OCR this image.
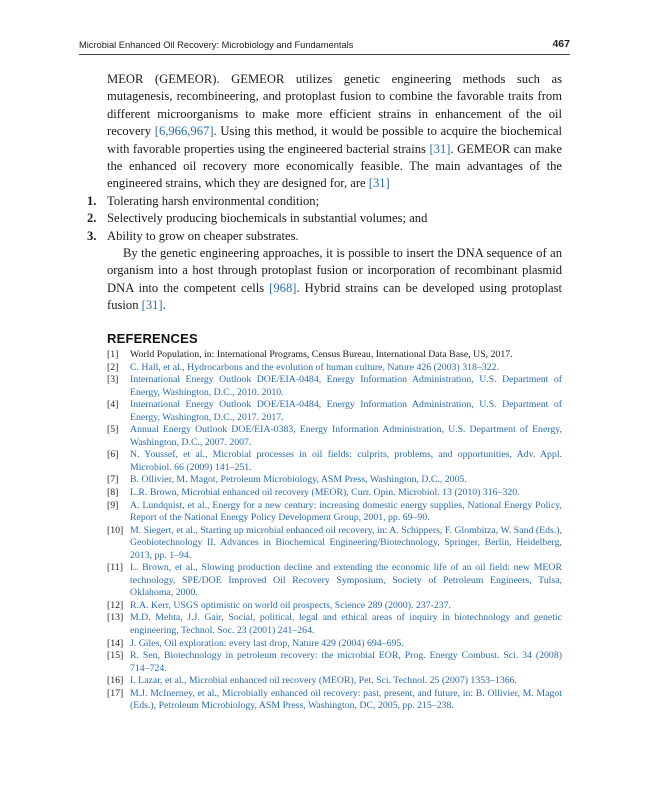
Microbial Enhanced Oil Recovery: Microbiology and Fundamentals	467

MEOR (GEMEOR). GEMEOR utilizes genetic engineering methods such as mutagenesis, recombineering, and protoplast fusion to combine the favorable traits from different microorganisms to make more efficient strains in enhancement of the oil recovery [6,966,967]. Using this method, it would be possible to acquire the biochemical with favorable properties using the engineered bacterial strains [31]. GEMEOR can make the enhanced oil recovery more economically feasible. The main advantages of the engineered strains, which they are designed for, are [31]

1. Tolerating harsh environmental condition;
2. Selectively producing biochemicals in substantial volumes; and
3. Ability to grow on cheaper substrates.

By the genetic engineering approaches, it is possible to insert the DNA sequence of an organism into a host through protoplast fusion or incorporation of recombinant plasmid DNA into the competent cells [968]. Hybrid strains can be developed using protoplast fusion [31].

REFERENCES
[1] World Population, in: International Programs, Census Bureau, International Data Base, US, 2017.
[2] C. Hall, et al., Hydrocarbons and the evolution of human culture, Nature 426 (2003) 318–322.
[3] International Energy Outlook DOE/EIA-0484, Energy Information Administration, U.S. Department of Energy, Washington, D.C., 2010. 2010.
[4] International Energy Outlook DOE/EIA-0484, Energy Information Administration, U.S. Department of Energy, Washington, D.C., 2017. 2017.
[5] Annual Energy Outlook DOE/EIA-0383, Energy Information Administration, U.S. Department of Energy, Washington, D.C., 2007. 2007.
[6] N. Youssef, et al., Microbial processes in oil fields: culprits, problems, and opportunities, Adv. Appl. Microbiol. 66 (2009) 141–251.
[7] B. Ollivier, M. Magot, Petroleum Microbiology, ASM Press, Washington, D.C., 2005.
[8] L.R. Brown, Microbial enhanced oil recovery (MEOR), Curr. Opin. Microbiol. 13 (2010) 316–320.
[9] A. Lundquist, et al., Energy for a new century: increasing domestic energy supplies, National Energy Policy, Report of the National Energy Policy Development Group, 2001, pp. 69–90.
[10] M. Siegert, et al., Starting up microbial enhanced oil recovery, in: A. Schippers, F. Glombitza, W. Sand (Eds.), Geobiotechnology II. Advances in Biochemical Engineering/Biotechnology, Springer, Berlin, Heidelberg, 2013, pp. 1–94.
[11] L. Brown, et al., Slowing production decline and extending the economic life of an oil field: new MEOR technology, SPE/DOE Improved Oil Recovery Symposium, Society of Petroleum Engineers, Tulsa, Oklahoma, 2000.
[12] R.A. Kerr, USGS optimistic on world oil prospects, Science 289 (2000). 237-237.
[13] M.D. Mehta, J.J. Gair, Social, political, legal and ethical areas of inquiry in biotechnology and genetic engineering, Technol. Soc. 23 (2001) 241–264.
[14] J. Giles, Oil exploration: every last drop, Nature 429 (2004) 694–695.
[15] R. Sen, Biotechnology in petroleum recovery: the microbial EOR, Prog. Energy Combust. Sci. 34 (2008) 714–724.
[16] I. Lazar, et al., Microbial enhanced oil recovery (MEOR), Pet. Sci. Technol. 25 (2007) 1353–1366.
[17] M.J. McInerney, et al., Microbially enhanced oil recovery: past, present, and future, in: B. Ollivier, M. Magot (Eds.), Petroleum Microbiology, ASM Press, Washington, DC, 2005, pp. 215–238.
